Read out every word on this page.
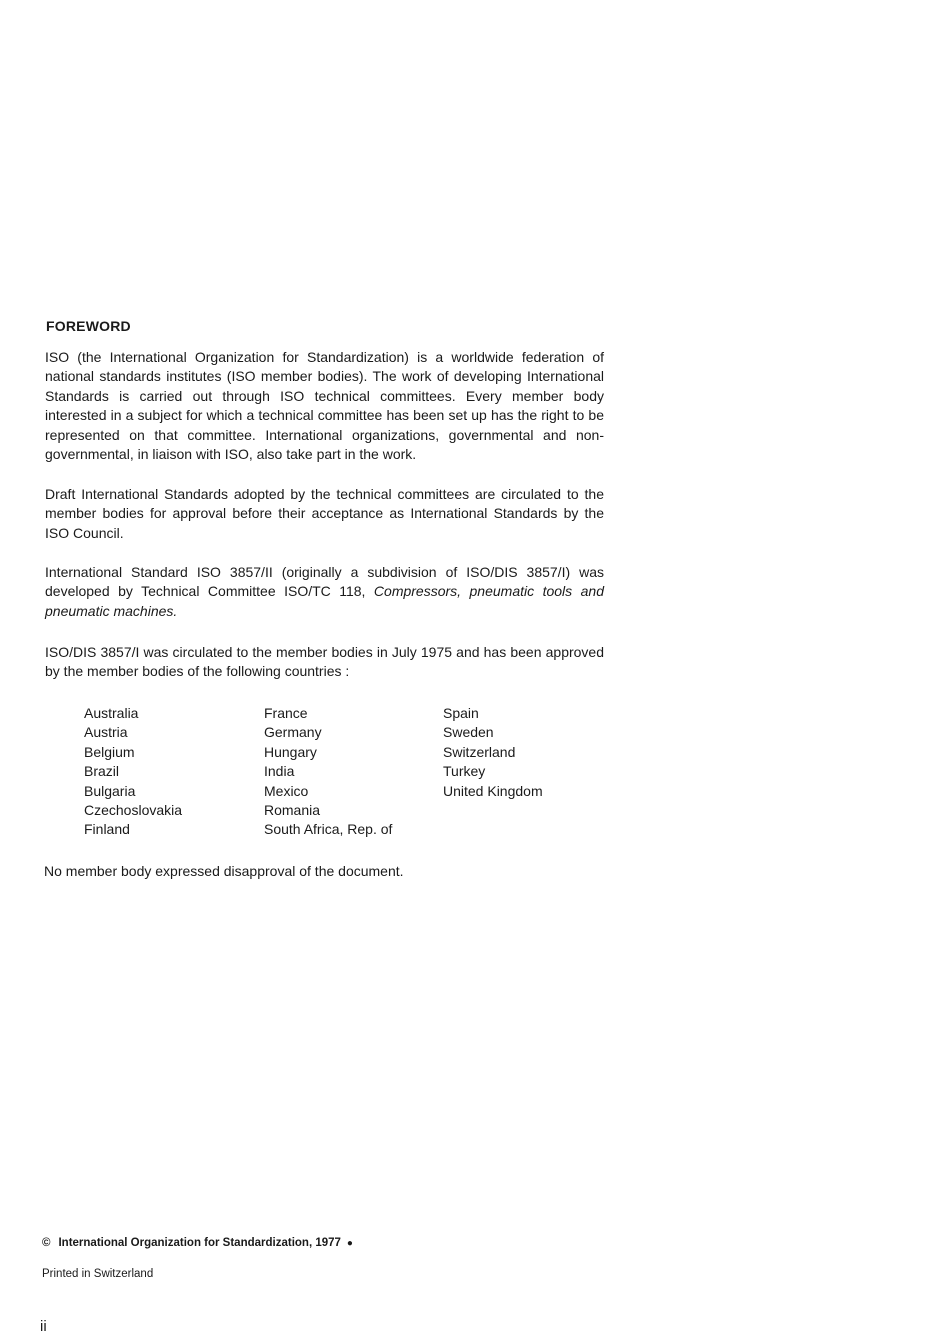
FOREWORD

ISO (the International Organization for Standardization) is a worldwide federation of national standards institutes (ISO member bodies). The work of developing International Standards is carried out through ISO technical committees. Every member body interested in a subject for which a technical committee has been set up has the right to be represented on that committee. International organizations, governmental and non-governmental, in liaison with ISO, also take part in the work.

Draft International Standards adopted by the technical committees are circulated to the member bodies for approval before their acceptance as International Standards by the ISO Council.

International Standard ISO 3857/II (originally a subdivision of ISO/DIS 3857/I) was developed by Technical Committee ISO/TC 118, Compressors, pneumatic tools and pneumatic machines.

ISO/DIS 3857/I was circulated to the member bodies in July 1975 and has been approved by the member bodies of the following countries :

Australia
Austria
Belgium
Brazil
Bulgaria
Czechoslovakia
Finland
France
Germany
Hungary
India
Mexico
Romania
South Africa, Rep. of
Spain
Sweden
Switzerland
Turkey
United Kingdom

No member body expressed disapproval of the document.

© International Organization for Standardization, 1977 ●
Printed in Switzerland
ii
